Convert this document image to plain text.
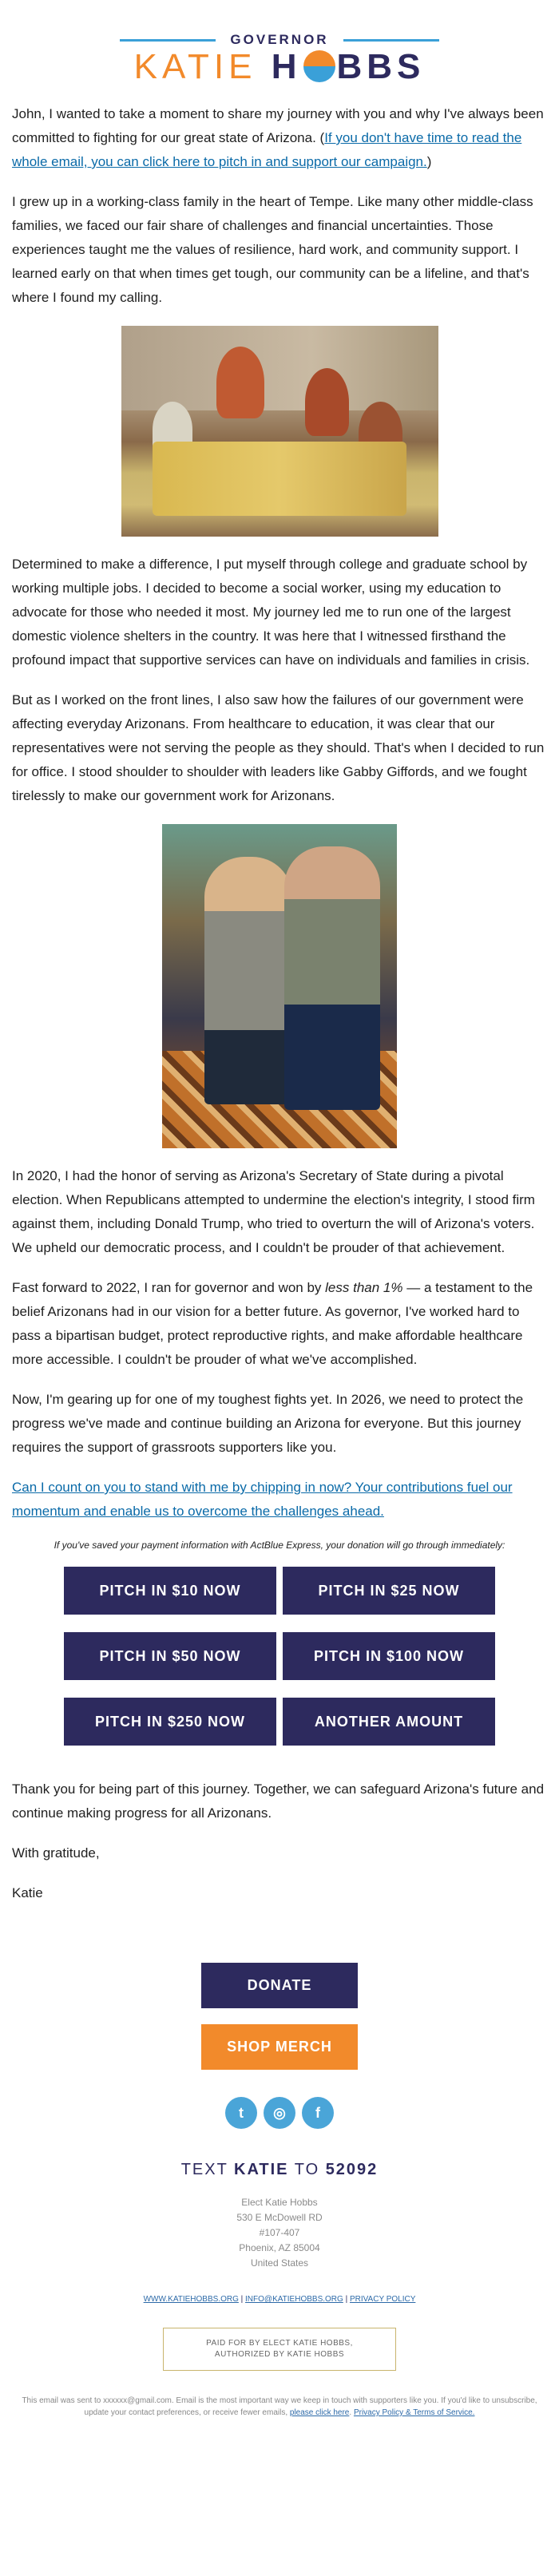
GOVERNOR
KATIE H BBS

John, I wanted to take a moment to share my journey with you and why I've always been committed to fighting for our great state of Arizona. (If you don't have time to read the whole email, you can click here to pitch in and support our campaign.)

I grew up in a working-class family in the heart of Tempe. Like many other middle-class families, we faced our fair share of challenges and financial uncertainties. Those experiences taught me the values of resilience, hard work, and community support. I learned early on that when times get tough, our community can be a lifeline, and that's where I found my calling.

Determined to make a difference, I put myself through college and graduate school by working multiple jobs. I decided to become a social worker, using my education to advocate for those who needed it most. My journey led me to run one of the largest domestic violence shelters in the country. It was here that I witnessed firsthand the profound impact that supportive services can have on individuals and families in crisis.

But as I worked on the front lines, I also saw how the failures of our government were affecting everyday Arizonans. From healthcare to education, it was clear that our representatives were not serving the people as they should. That's when I decided to run for office. I stood shoulder to shoulder with leaders like Gabby Giffords, and we fought tirelessly to make our government work for Arizonans.

In 2020, I had the honor of serving as Arizona's Secretary of State during a pivotal election. When Republicans attempted to undermine the election's integrity, I stood firm against them, including Donald Trump, who tried to overturn the will of Arizona's voters. We upheld our democratic process, and I couldn't be prouder of that achievement.

Fast forward to 2022, I ran for governor and won by less than 1% — a testament to the belief Arizonans had in our vision for a better future. As governor, I've worked hard to pass a bipartisan budget, protect reproductive rights, and make affordable healthcare more accessible. I couldn't be prouder of what we've accomplished.

Now, I'm gearing up for one of my toughest fights yet. In 2026, we need to protect the progress we've made and continue building an Arizona for everyone. But this journey requires the support of grassroots supporters like you.

Can I count on you to stand with me by chipping in now? Your contributions fuel our momentum and enable us to overcome the challenges ahead.

If you've saved your payment information with ActBlue Express, your donation will go through immediately:
PITCH IN $10 NOW	PITCH IN $25 NOW
PITCH IN $50 NOW	PITCH IN $100 NOW
PITCH IN $250 NOW	ANOTHER AMOUNT

Thank you for being part of this journey. Together, we can safeguard Arizona's future and continue making progress for all Arizonans.

With gratitude,

Katie

DONATE
SHOP MERCH
t	◎	f
TEXT KATIE TO 52092
Elect Katie Hobbs
530 E McDowell RD
#107-407
Phoenix, AZ 85004
United States
WWW.KATIEHOBBS.ORG | INFO@KATIEHOBBS.ORG | PRIVACY POLICY
PAID FOR BY ELECT KATIE HOBBS,
AUTHORIZED BY KATIE HOBBS
This email was sent to xxxxxx@gmail.com. Email is the most important way we keep in touch with supporters like you. If you'd like to unsubscribe, update your contact preferences, or receive fewer emails, please click here. Privacy Policy & Terms of Service.
